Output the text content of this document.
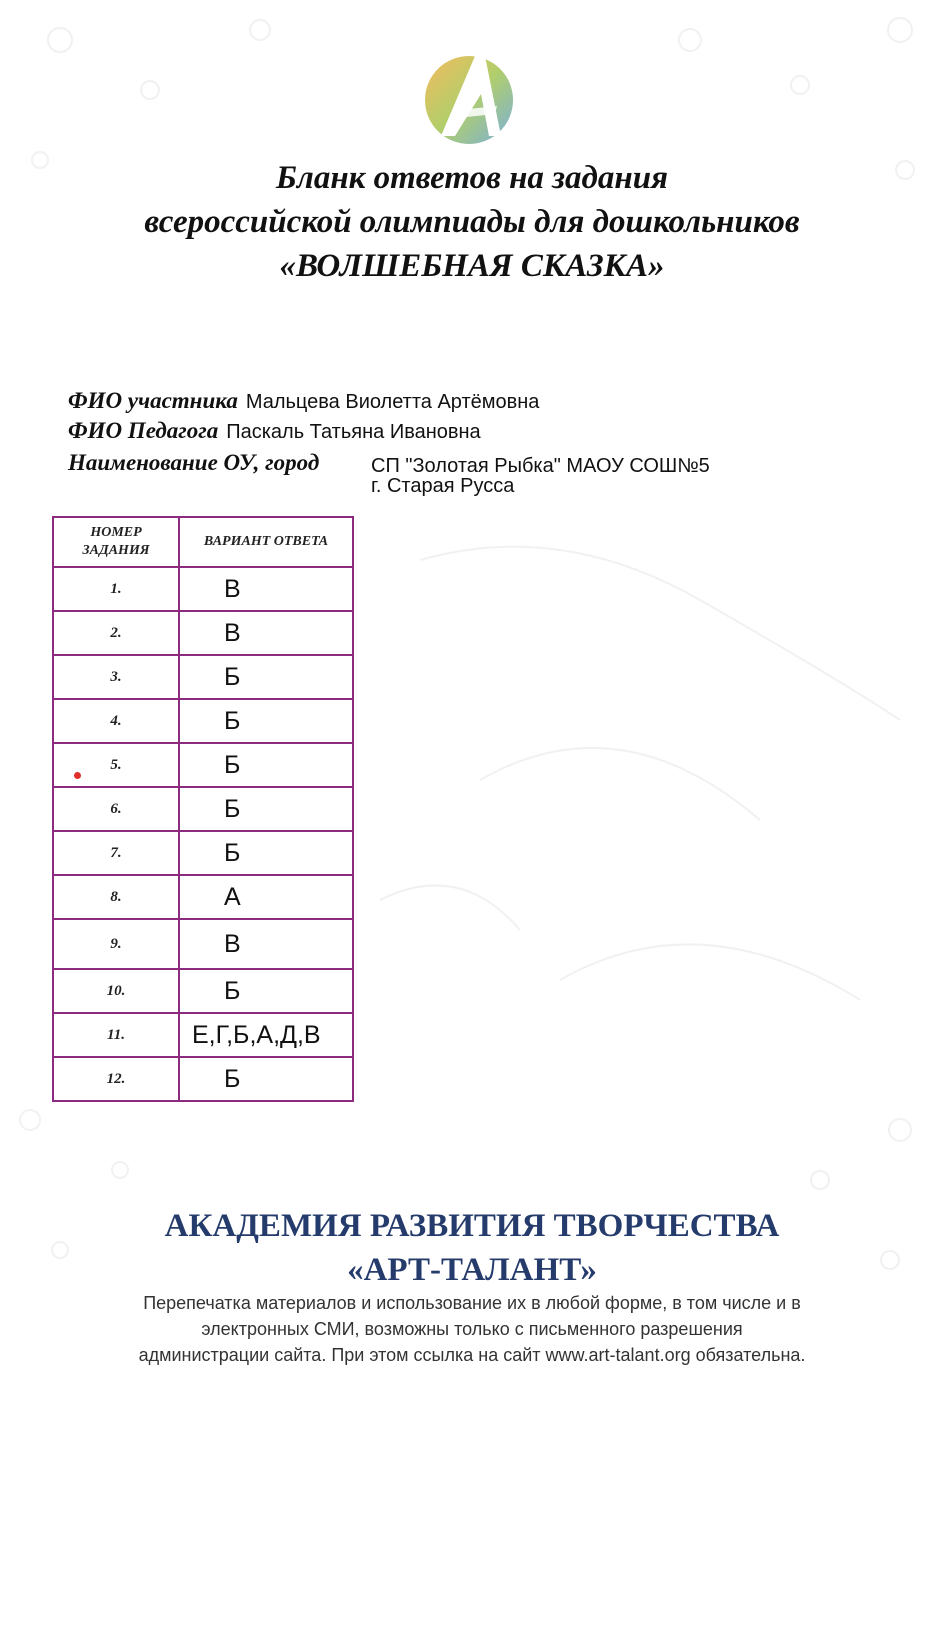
Бланк ответов на задания
всероссийской олимпиады для дошкольников
«ВОЛШЕБНАЯ СКАЗКА»
ФИО участника Мальцева Виолетта Артёмовна
ФИО Педагога Паскаль Татьяна Ивановна
Наименование ОУ, город	СП "Золотая Рыбка" МАОУ СОШ№5
г. Старая Русса
НОМЕР
ЗАДАНИЯ	ВАРИАНТ ОТВЕТА
1.	В
2.	В
3.	Б
4.	Б
5.	Б
6.	Б
7.	Б
8.	А
9.	В
10.	Б
11.	Е,Г,Б,А,Д,В
12.	Б
АКАДЕМИЯ РАЗВИТИЯ ТВОРЧЕСТВА
«АРТ-ТАЛАНТ»
Перепечатка материалов и использование их в любой форме, в том числе и в
электронных СМИ, возможны только с письменного разрешения
администрации сайта. При этом ссылка на сайт www.art-talant.org обязательна.
